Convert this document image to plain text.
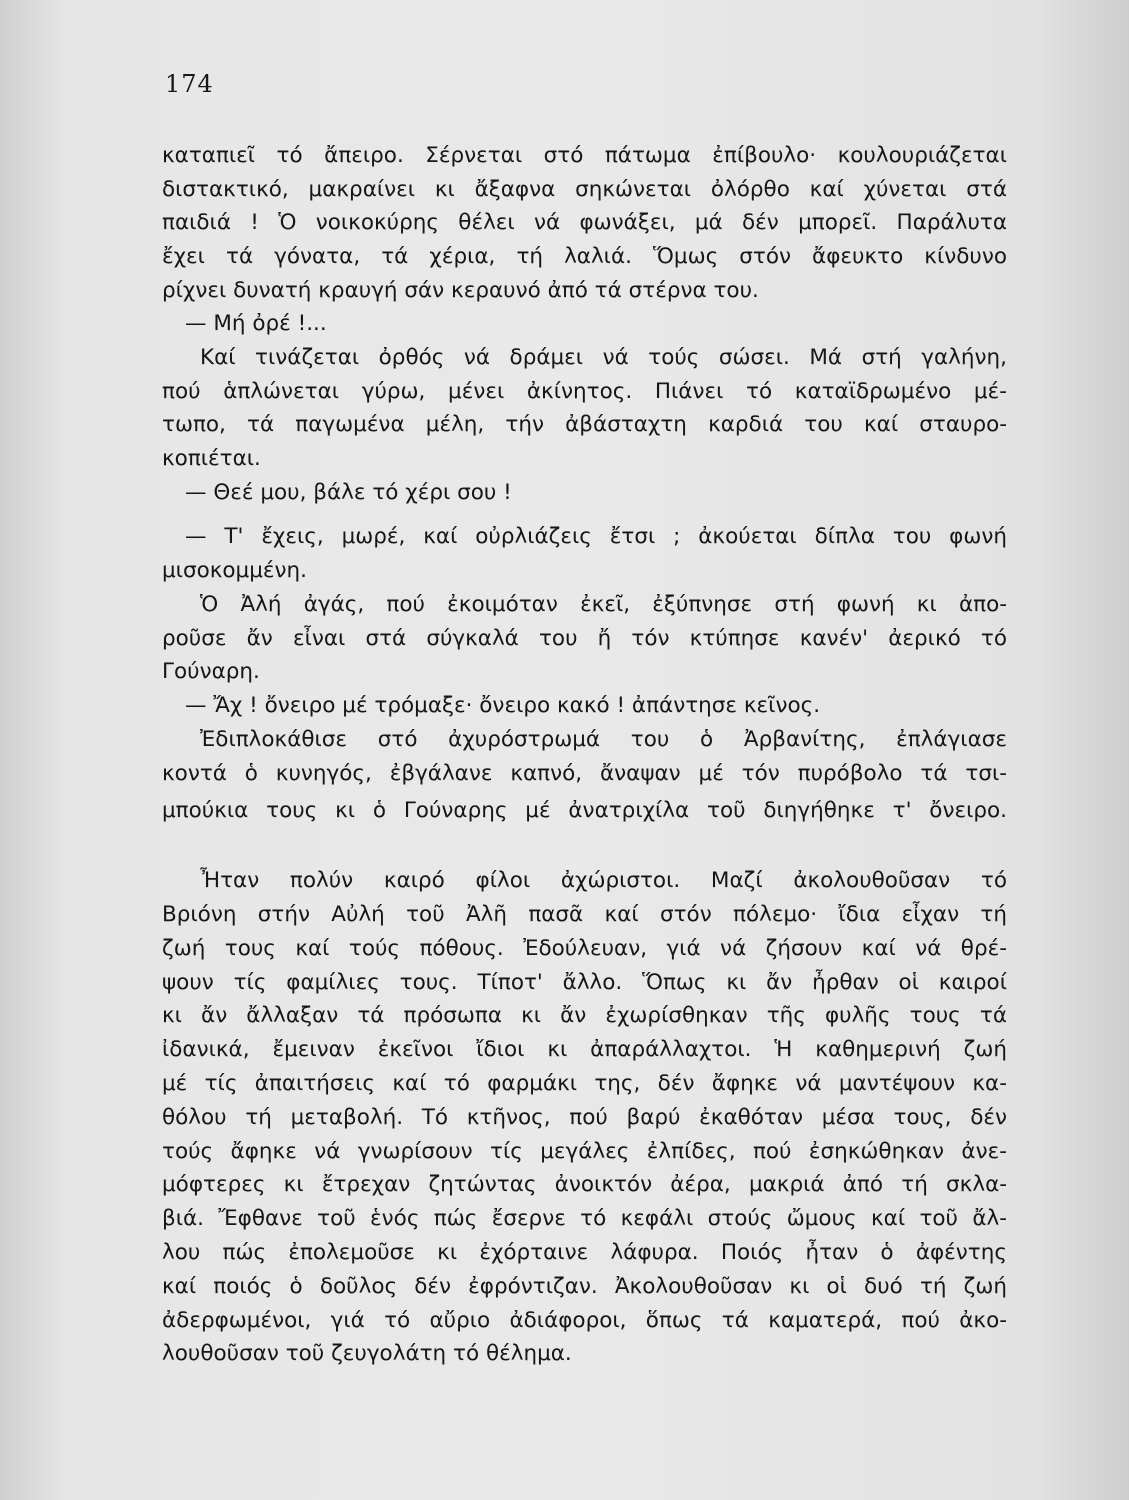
174
καταπιεῖ τό ἄπειρο. Σέρνεται στό πάτωμα ἐπίβουλο· κουλουριάζεται
διστακτικό, μακραίνει κι ἄξαφνα σηκώνεται ὀλόρθο καί χύνεται στά
παιδιά ! Ὁ νοικοκύρης θέλει νά φωνάξει, μά δέν μπορεῖ. Παράλυτα
ἔχει τά γόνατα, τά χέρια, τή λαλιά. Ὅμως στόν ἄφευκτο κίνδυνο
ρίχνει δυνατή κραυγή σάν κεραυνό ἀπό τά στέρνα του.
— Μή ὀρέ !...
Καί τινάζεται ὀρθός νά δράμει νά τούς σώσει. Μά στή γαλήνη,
πού ἁπλώνεται γύρω, μένει ἀκίνητος. Πιάνει τό καταϊδρωμένο μέ-
τωπο, τά παγωμένα μέλη, τήν ἀβάσταχτη καρδιά του καί σταυρο-
κοπιέται.
— Θεέ μου, βάλε τό χέρι σου !
— Τ' ἔχεις, μωρέ, καί οὐρλιάζεις ἔτσι ; ἀκούεται δίπλα του φωνή
μισοκομμένη.
Ὁ Ἀλή ἀγάς, πού ἐκοιμόταν ἐκεῖ, ἐξύπνησε στή φωνή κι ἀπο-
ροῦσε ἄν εἶναι στά σύγκαλά του ἤ τόν κτύπησε κανέν' ἀερικό τό
Γούναρη.
— Ἄχ ! ὄνειρο μέ τρόμαξε· ὄνειρο κακό ! ἀπάντησε κεῖνος.
Ἐδιπλοκάθισε στό ἀχυρόστρωμά του ὁ Ἀρβανίτης, ἐπλάγιασε
κοντά ὁ κυνηγός, ἐβγάλανε καπνό, ἄναψαν μέ τόν πυρόβολο τά τσι-
μπούκια τους κι ὁ Γούναρης μέ ἀνατριχίλα τοῦ διηγήθηκε τ' ὄνειρο.
Ἦταν πολύν καιρό φίλοι ἀχώριστοι. Μαζί ἀκολουθοῦσαν τό
Βριόνη στήν Αὐλή τοῦ Ἀλῆ πασᾶ καί στόν πόλεμο· ἴδια εἶχαν τή
ζωή τους καί τούς πόθους. Ἐδούλευαν, γιά νά ζήσουν καί νά θρέ-
ψουν τίς φαμίλιες τους. Τίποτ' ἄλλο. Ὅπως κι ἄν ἦρθαν οἱ καιροί
κι ἄν ἄλλαξαν τά πρόσωπα κι ἄν ἐχωρίσθηκαν τῆς φυλῆς τους τά
ἰδανικά, ἔμειναν ἐκεῖνοι ἴδιοι κι ἀπαράλλαχτοι. Ἡ καθημερινή ζωή
μέ τίς ἀπαιτήσεις καί τό φαρμάκι της, δέν ἄφηκε νά μαντέψουν κα-
θόλου τή μεταβολή. Τό κτῆνος, πού βαρύ ἐκαθόταν μέσα τους, δέν
τούς ἄφηκε νά γνωρίσουν τίς μεγάλες ἐλπίδες, πού ἐσηκώθηκαν ἀνε-
μόφτερες κι ἔτρεχαν ζητώντας ἀνοικτόν ἀέρα, μακριά ἀπό τή σκλα-
βιά. Ἔφθανε τοῦ ἑνός πώς ἔσερνε τό κεφάλι στούς ὤμους καί τοῦ ἄλ-
λου πώς ἐπολεμοῦσε κι ἐχόρταινε λάφυρα. Ποιός ἦταν ὁ ἀφέντης
καί ποιός ὁ δοῦλος δέν ἐφρόντιζαν. Ἀκολουθοῦσαν κι οἱ δυό τή ζωή
ἀδερφωμένοι, γιά τό αὔριο ἀδιάφοροι, ὅπως τά καματερά, πού ἀκο-
λουθοῦσαν τοῦ ζευγολάτη τό θέλημα.
